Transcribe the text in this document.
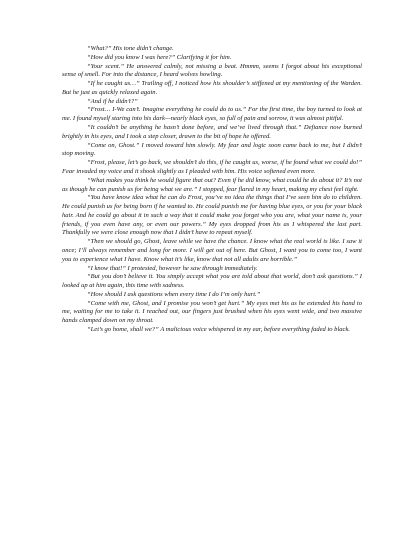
“What?” His tone didn’t change.

“How did you know I was here?” Clarifying it for him.

“Your scent.” He answered calmly, not missing a beat. Hmmm, seems I forgot about his exceptional sense of smell. For into the distance, I heard wolves howling.

“If he caught us…” Trailing off, I noticed how his shoulder’s stiffened at my mentioning of the Warden. But he just as quickly relaxed again.

“And if he didn’t?”

“Frost… I-We can’t. Imagine everything he could do to us.” For the first time, the boy turned to look at me. I found myself staring into his dark—nearly black eyes, so full of pain and sorrow, it was almost pitiful.

“It couldn’t be anything he hasn’t done before, and we’ve lived through that.” Defiance now burned brightly in his eyes, and I took a step closer, drawn to the bit of hope he offered.

“Come on, Ghost.” I moved toward him slowly. My fear and logic soon came back to me, but I didn’t stop moving.

“Frost, please, let’s go back, we shouldn’t do this, if he caught us, worse, if he found what we could do!” Fear invaded my voice and it shook slightly as I pleaded with him. His voice softened even more.

“What makes you think he would figure that out? Even if he did know, what could he do about it? It’s not as though he can punish us for being what we are.” I stopped, fear flared in my heart, making my chest feel tight.

“You have know idea what he can do Frost, you’ve no idea the things that I’ve seen him do to children. He could punish us for being born if he wanted to. He could punish me for having blue eyes, or you for your black hair. And he could go about it in such a way that it could make you forget who you are, what your name is, your friends, if you even have any, or even our powers.” My eyes dropped from his as I whispered the last part. Thankfully we were close enough now that I didn’t have to repeat myself.

“Then we should go, Ghost, leave while we have the chance. I know what the real world is like. I saw it once; I’ll always remember and long for more. I will get out of here. But Ghost, I want you to come too, I want you to experience what I have. Know what it’s like, know that not all adults are horrible.”

“I know that!” I protested, however he saw through immediately.

“But you don’t believe it. You simply accept what you are told about that world, don’t ask questions.” I looked up at him again, this time with sadness.

“How should I ask questions when every time I do I’m only hurt.”

“Come with me, Ghost, and I promise you won’t get hurt.” My eyes met his as he extended his hand to me, waiting for me to take it. I reached out, our fingers just brushed when his eyes went wide, and two massive hands clamped down on my throat.

“Let’s go home, shall we?” A malicious voice whispered in my ear, before everything faded to black.
